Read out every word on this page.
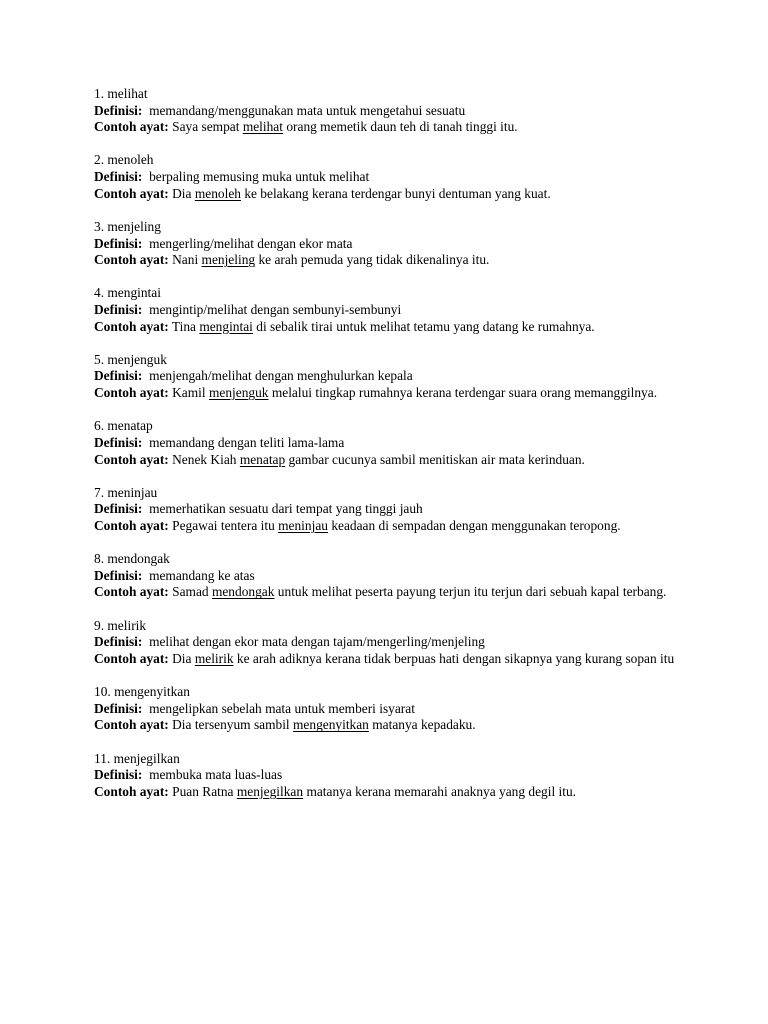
1. melihat
Definisi: memandang/menggunakan mata untuk mengetahui sesuatu
Contoh ayat: Saya sempat melihat orang memetik daun teh di tanah tinggi itu.
2. menoleh
Definisi: berpaling memusing muka untuk melihat
Contoh ayat: Dia menoleh ke belakang kerana terdengar bunyi dentuman yang kuat.
3. menjeling
Definisi: mengerling/melihat dengan ekor mata
Contoh ayat: Nani menjeling ke arah pemuda yang tidak dikenalinya itu.
4. mengintai
Definisi: mengintip/melihat dengan sembunyi-sembunyi
Contoh ayat: Tina mengintai di sebalik tirai untuk melihat tetamu yang datang ke rumahnya.
5. menjenguk
Definisi: menjengah/melihat dengan menghulurkan kepala
Contoh ayat: Kamil menjenguk melalui tingkap rumahnya kerana terdengar suara orang memanggilnya.
6. menatap
Definisi: memandang dengan teliti lama-lama
Contoh ayat: Nenek Kiah menatap gambar cucunya sambil menitiskan air mata kerinduan.
7. meninjau
Definisi: memerhatikan sesuatu dari tempat yang tinggi jauh
Contoh ayat: Pegawai tentera itu meninjau keadaan di sempadan dengan menggunakan teropong.
8. mendongak
Definisi: memandang ke atas
Contoh ayat: Samad mendongak untuk melihat peserta payung terjun itu terjun dari sebuah kapal terbang.
9. melirik
Definisi: melihat dengan ekor mata dengan tajam/mengerling/menjeling
Contoh ayat: Dia melirik ke arah adiknya kerana tidak berpuas hati dengan sikapnya yang kurang sopan itu
10. mengenyitkan
Definisi: mengelipkan sebelah mata untuk memberi isyarat
Contoh ayat: Dia tersenyum sambil mengenyitkan matanya kepadaku.
11. menjegilkan
Definisi: membuka mata luas-luas
Contoh ayat: Puan Ratna menjegilkan matanya kerana memarahi anaknya yang degil itu.
